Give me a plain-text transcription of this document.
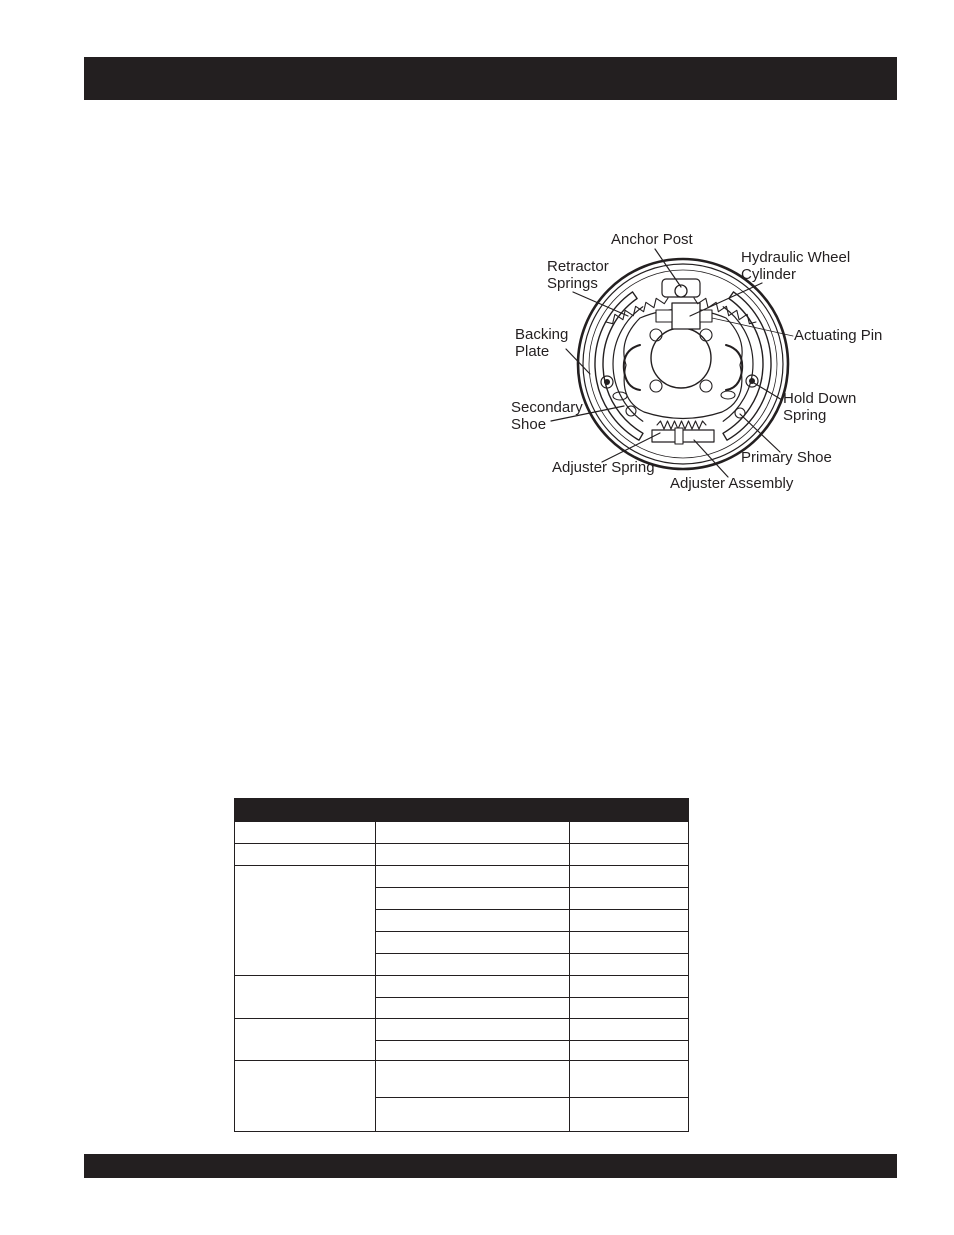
Anchor Post
Hydraulic Wheel
Cylinder
Retractor
Springs
Actuating Pin
Backing
Plate
Hold Down
Spring
Secondary
Shoe
Primary Shoe
Adjuster Spring
Adjuster Assembly
